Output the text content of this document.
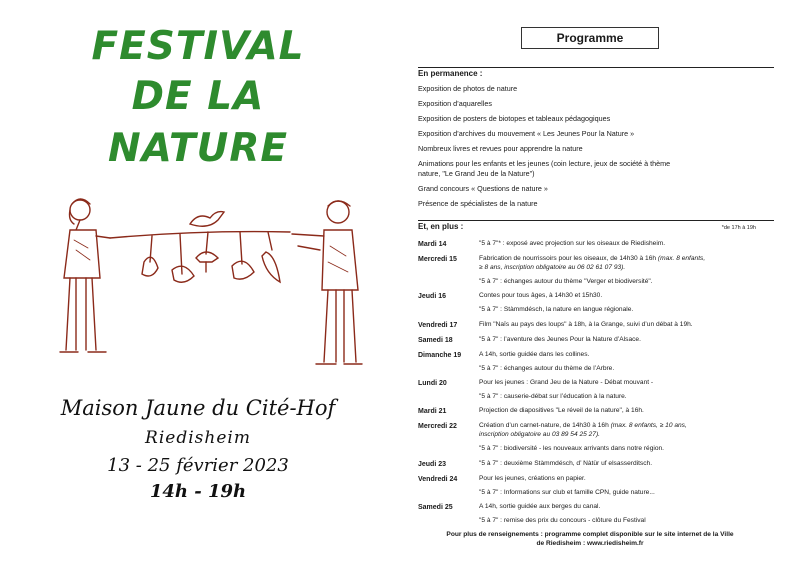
FESTIVAL
DE LA
NATURE
Maison Jaune du Cité-Hof
Riedisheim
13 - 25 février 2023
14h - 19h
Programme
En permanence :
Exposition de photos de nature
Exposition d’aquarelles
Exposition de posters de biotopes et tableaux pédagogiques
Exposition d’archives du mouvement « Les Jeunes Pour la Nature »
Nombreux livres et revues pour apprendre la nature
Animations pour les enfants et les jeunes (coin lecture, jeux de société à thème
nature, "Le Grand Jeu de la Nature")
Grand concours « Questions de nature »
Présence de spécialistes de la nature
Et, en plus :	*de 17h à 19h
Mardi 14	"5 à 7"* : exposé avec projection sur les oiseaux de Riedisheim.
Mercredi 15	Fabrication de nourrissoirs pour les oiseaux, de 14h30 à 16h (max. 8 enfants,
≥ 8 ans, inscription obligatoire au 06 02 61 07 93).
"5 à 7" : échanges autour du thème "Verger et biodiversité".
Jeudi 16	Contes pour tous âges, à 14h30 et 15h30.
"5 à 7" : Stàmmdésch, la nature en langue régionale.
Vendredi 17	Film "Naïs au pays des loups" à 18h, à la Grange, suivi d’un débat à 19h.
Samedi 18	"5 à 7" : l’aventure des Jeunes Pour la Nature d’Alsace.
Dimanche 19	A 14h, sortie guidée dans les collines.
"5 à 7" : échanges autour du thème de l’Arbre.
Lundi 20	Pour les jeunes : Grand Jeu de la Nature - Débat mouvant -
"5 à 7" : causerie-débat sur l’éducation à la nature.
Mardi 21	Projection de diapositives "Le réveil de la nature", à 16h.
Mercredi 22	Création d’un carnet-nature, de 14h30 à 16h (max. 8 enfants, ≥ 10 ans,
inscription obligatoire au 03 89 54 25 27).
"5 à 7" : biodiversité - les nouveaux arrivants dans notre région.
Jeudi 23	"5 à 7" : deuxième Stàmmdésch, d’ Nàtür uf elsasserditsch.
Vendredi 24	Pour les jeunes, créations en papier.
"5 à 7" : Informations sur club et famille CPN, guide nature...
Samedi 25	A 14h, sortie guidée aux berges du canal.
"5 à 7" : remise des prix du concours - clôture du Festival
Pour plus de renseignements : programme complet disponible sur le site internet de la Ville
de Riedisheim : www.riedisheim.fr
